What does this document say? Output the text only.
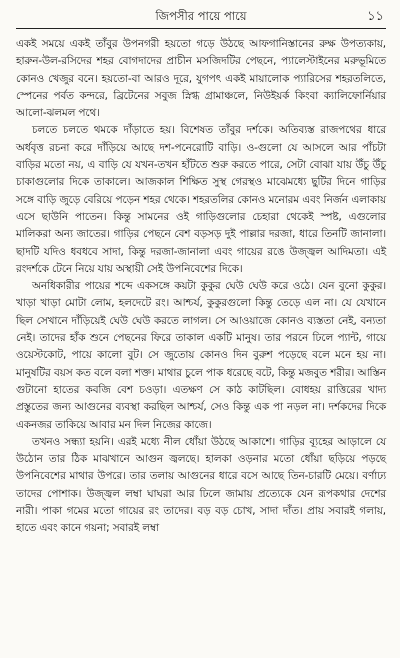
জিপসীর পায়ে পায়ে	১১

একই সময়ে একই তাঁবুর উপনগরী হয়তো গড়ে উঠছে আফগানিস্তানের রুক্ষ উপত্যকায়, হারুন-উল-রসিদের শহর বোগদাদের প্রাচীন মসজিদটির পেছনে, প্যালেস্টাইনের মরুভূমিতে কোনও খেজুর বনে। হয়তো-বা আরও দূরে, যুগপৎ একই মায়ালোক প্যারিসের শহরতলিতে, স্পেনের পর্বত কন্দরে, ব্রিটেনের সবুজ স্নিগ্ধ গ্রামাঞ্চলে, নিউইয়র্ক কিংবা ক্যালিফোর্নিয়ার আলো-ঝলমল পথে।

চলতে চলতে থমকে দাঁড়াতে হয়। বিশেষত তাঁবুর দর্শকে। অতিব্যস্ত রাজপথের ধারে অর্ধবৃত্ত রচনা করে দাঁড়িয়ে আছে দশ-পনেরোটি বাড়ি। ও-গুলো যে আসলে আর পাঁচটা বাড়ির মতো নয়, এ বাড়ি যে যখন-তখন হাঁটতে শুরু করতে পারে, সেটা বোঝা যায় উঁচু উঁচু চাকাগুলোর দিকে তাকালে। আজকাল শিক্ষিত সুস্থ গেরস্থও মাঝেমধ্যে ছুটির দিনে গাড়ির সঙ্গে বাড়ি জুড়ে বেরিয়ে পড়েন শহর থেকে। শহরতলির কোনও মনোরম এবং নির্জন এলাকায় এসে ছাউনি পাতেন। কিন্তু সামনের ওই গাড়িগুলোর চেহারা থেকেই স্পষ্ট, এগুলোর মালিকরা অন্য জাতের। গাড়ির পেছনে বেশ বড়সড় দুই পাল্লার দরজা, ধারে তিনটি জানালা। ছাদটি যদিও ধবধবে সাদা, কিন্তু দরজা-জানালা এবং গায়ের রঙে উজ্জ্বল আদিমতা। এই রংদর্শকে টেনে নিয়ে যায় অস্থায়ী সেই উপনিবেশের দিকে।

অনধিকারীর পায়ের শব্দে একসঙ্গে কয়টা কুকুর ঘেউ ঘেউ করে ওঠে। যেন বুনো কুকুর। খাড়া খাড়া মোটা লোম, হলদেটে রং। আশ্চর্য, কুকুরগুলো কিন্তু তেড়ে এল না। যে যেখানে ছিল সেখানে দাঁড়িয়েই ঘেউ ঘেউ করতে লাগল। সে আওয়াজে কোনও ব্যস্ততা নেই, বন্যতা নেই। তাদের হাঁক শুনে পেছনের ফিরে তাকাল একটি মানুষ। তার পরনে ঢিলে প্যান্ট, গায়ে ওয়েস্টকোট, পায়ে কালো বুট। সে জুতোয় কোনও দিন বুরুশ পড়েছে বলে মনে হয় না। মানুষটির বয়স কত বলে বলা শক্ত। মাথার চুলে পাক ধরেছে বটে, কিন্তু মজবুত শরীর। আস্তিন গুটানো হাতের কবজি বেশ চওড়া। এতক্ষণ সে কাঠ কাটছিল। বোধহয় রাত্তিরের খাদ্য প্রস্তুতের জন্য আগুনের ব্যবস্থা করছিল আশ্চর্য, সেও কিন্তু এক পা নড়ল না। দর্শকদের দিকে একনজর তাকিয়ে আবার মন দিল নিজের কাজে।

তখনও সন্ধ্যা হয়নি। এরই মধ্যে নীল ধোঁয়া উঠছে আকাশে। গাড়ির ব্যূহের আড়ালে যে উঠোন তার ঠিক মাঝখানে আগুন জ্বলছে। হালকা ওড়নার মতো ধোঁয়া ছড়িয়ে পড়ছে উপনিবেশের মাথার উপরে। তার তলায় আগুনের ধারে বসে আছে তিন-চারটি মেয়ে। বর্ণাঢ্য তাদের পোশাক। উজ্জ্বল লম্বা ঘাঘরা আর ঢিলে জামায় প্রত্যেকে যেন রূপকথার দেশের নারী। পাকা গমের মতো গায়ের রং তাদের। বড় বড় চোখ, সাদা দাঁত। প্রায় সবারই গলায়, হাতে এবং কানে গয়না; সবারই লম্বা
